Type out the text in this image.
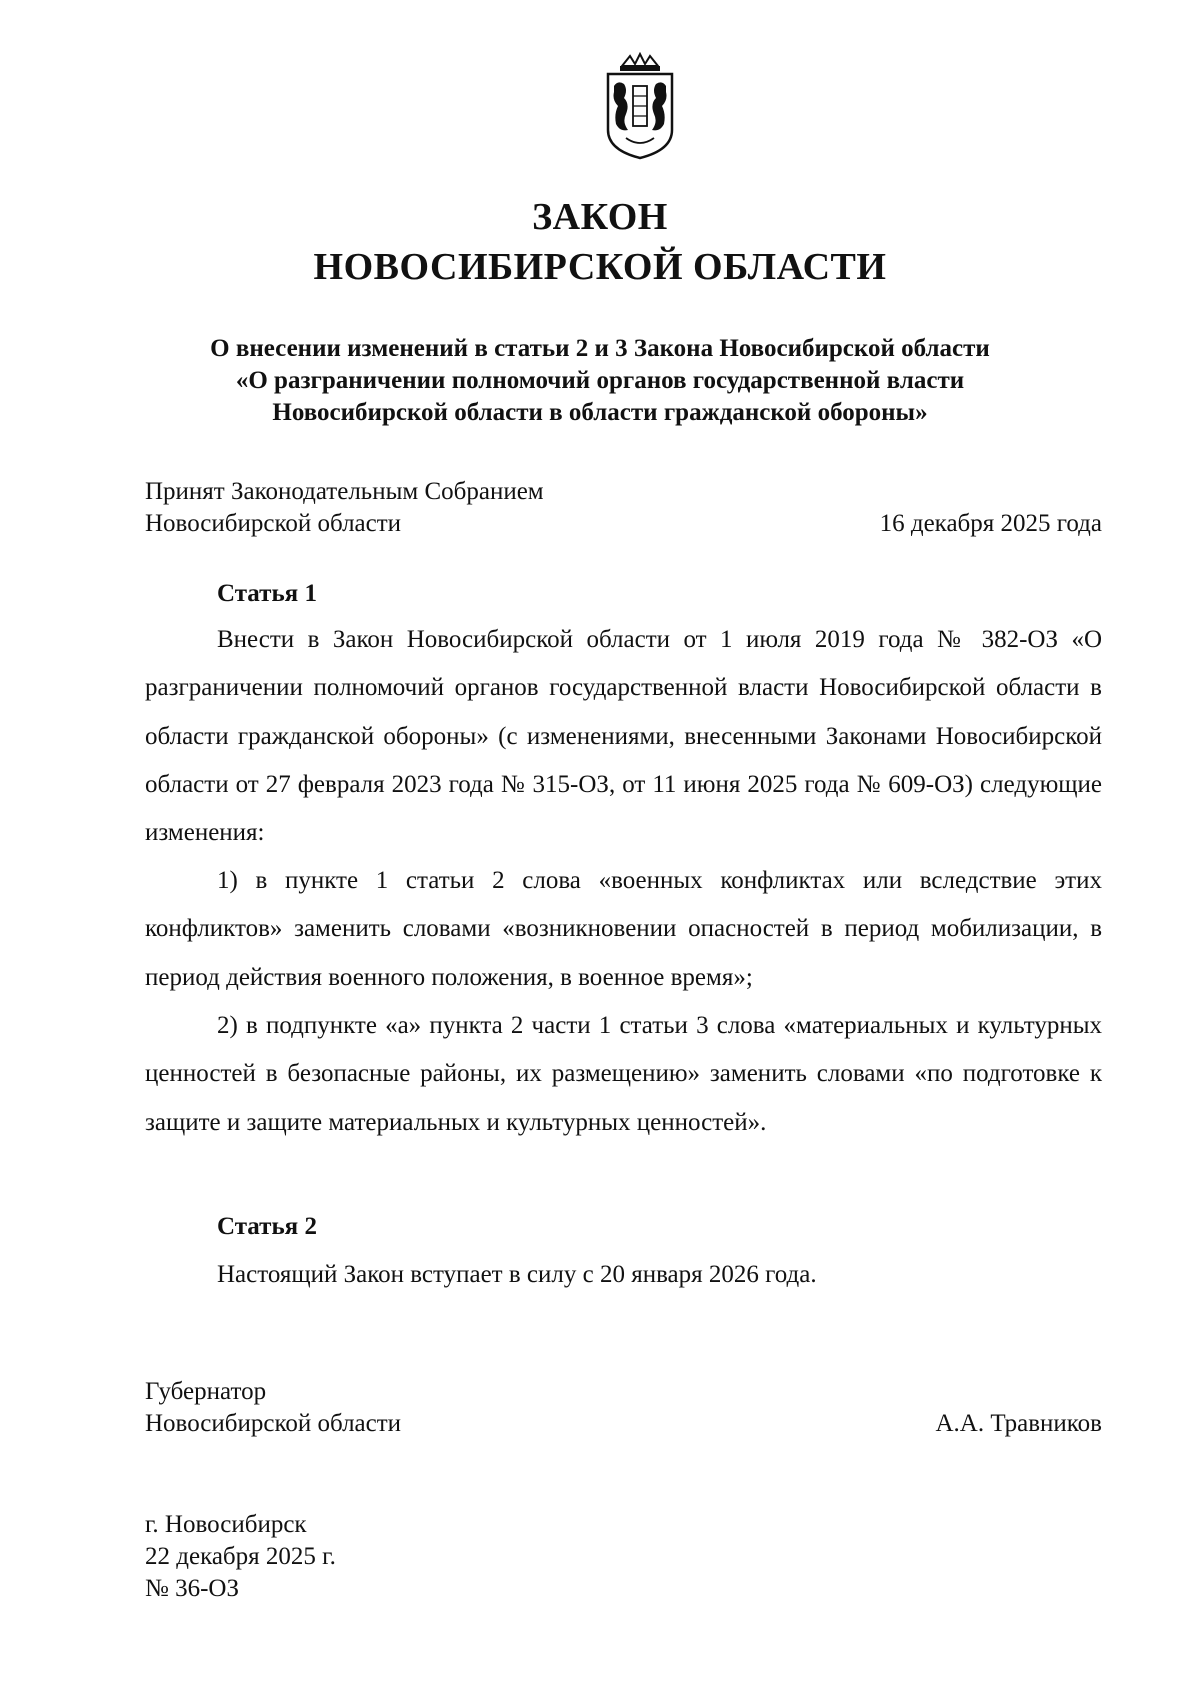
ЗАКОН
НОВОСИБИРСКОЙ ОБЛАСТИ
О внесении изменений в статьи 2 и 3 Закона Новосибирской области
«О разграничении полномочий органов государственной власти
Новосибирской области в области гражданской обороны»
Принят Законодательным Собранием
Новосибирской области	16 декабря 2025 года
Статья 1

Внести в Закон Новосибирской области от 1 июля 2019 года № 382-ОЗ «О разграничении полномочий органов государственной власти Новосибирской области в области гражданской обороны» (с изменениями, внесенными Законами Новосибирской области от 27 февраля 2023 года № 315-ОЗ, от 11 июня 2025 года № 609-ОЗ) следующие изменения:

1) в пункте 1 статьи 2 слова «военных конфликтах или вследствие этих конфликтов» заменить словами «возникновении опасностей в период мобилизации, в период действия военного положения, в военное время»;

2) в подпункте «а» пункта 2 части 1 статьи 3 слова «материальных и культурных ценностей в безопасные районы, их размещению» заменить словами «по подготовке к защите и защите материальных и культурных ценностей».

Статья 2
Настоящий Закон вступает в силу с 20 января 2026 года.
Губернатор
Новосибирской области	А.А. Травников
г. Новосибирск
22 декабря 2025 г.
№ 36-ОЗ
